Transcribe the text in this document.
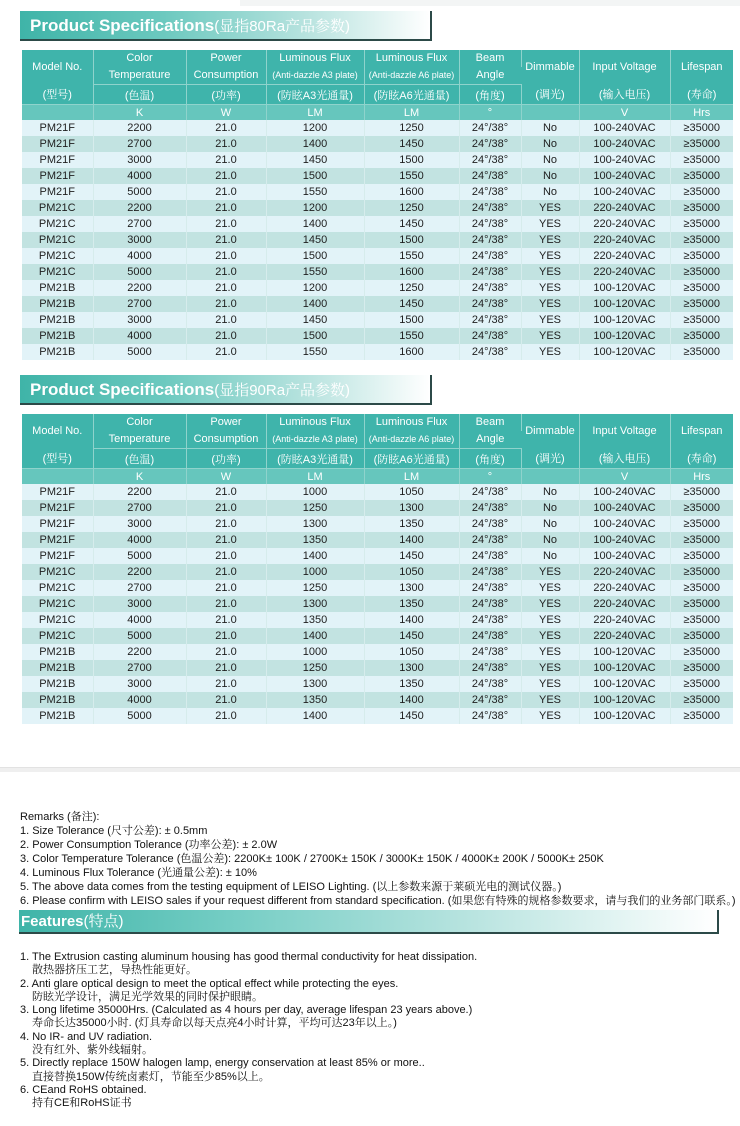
Product Specifications(显指80Ra产品参数)
Model No.	Color	Power	Luminous Flux	Luminous Flux	Beam	Dimmable	Input Voltage	Lifespan
	Temperature	Consumption	(Anti-dazzle A3 plate)	(Anti-dazzle A6 plate)	Angle			
(型号)	(色温)	(功率)	(防眩A3光通量)	(防眩A6光通量)	(角度)	(调光)	(输入电压)	(寿命)
	K	W	LM	LM	°		V	Hrs
PM21F	2200	21.0	1200	1250	24°/38°	No	100-240VAC	≥35000
PM21F	2700	21.0	1400	1450	24°/38°	No	100-240VAC	≥35000
PM21F	3000	21.0	1450	1500	24°/38°	No	100-240VAC	≥35000
PM21F	4000	21.0	1500	1550	24°/38°	No	100-240VAC	≥35000
PM21F	5000	21.0	1550	1600	24°/38°	No	100-240VAC	≥35000
PM21C	2200	21.0	1200	1250	24°/38°	YES	220-240VAC	≥35000
PM21C	2700	21.0	1400	1450	24°/38°	YES	220-240VAC	≥35000
PM21C	3000	21.0	1450	1500	24°/38°	YES	220-240VAC	≥35000
PM21C	4000	21.0	1500	1550	24°/38°	YES	220-240VAC	≥35000
PM21C	5000	21.0	1550	1600	24°/38°	YES	220-240VAC	≥35000
PM21B	2200	21.0	1200	1250	24°/38°	YES	100-120VAC	≥35000
PM21B	2700	21.0	1400	1450	24°/38°	YES	100-120VAC	≥35000
PM21B	3000	21.0	1450	1500	24°/38°	YES	100-120VAC	≥35000
PM21B	4000	21.0	1500	1550	24°/38°	YES	100-120VAC	≥35000
PM21B	5000	21.0	1550	1600	24°/38°	YES	100-120VAC	≥35000
Product Specifications(显指90Ra产品参数)
Model No.	Color	Power	Luminous Flux	Luminous Flux	Beam	Dimmable	Input Voltage	Lifespan
	Temperature	Consumption	(Anti-dazzle A3 plate)	(Anti-dazzle A6 plate)	Angle			
(型号)	(色温)	(功率)	(防眩A3光通量)	(防眩A6光通量)	(角度)	(调光)	(输入电压)	(寿命)
	K	W	LM	LM	°		V	Hrs
PM21F	2200	21.0	1000	1050	24°/38°	No	100-240VAC	≥35000
PM21F	2700	21.0	1250	1300	24°/38°	No	100-240VAC	≥35000
PM21F	3000	21.0	1300	1350	24°/38°	No	100-240VAC	≥35000
PM21F	4000	21.0	1350	1400	24°/38°	No	100-240VAC	≥35000
PM21F	5000	21.0	1400	1450	24°/38°	No	100-240VAC	≥35000
PM21C	2200	21.0	1000	1050	24°/38°	YES	220-240VAC	≥35000
PM21C	2700	21.0	1250	1300	24°/38°	YES	220-240VAC	≥35000
PM21C	3000	21.0	1300	1350	24°/38°	YES	220-240VAC	≥35000
PM21C	4000	21.0	1350	1400	24°/38°	YES	220-240VAC	≥35000
PM21C	5000	21.0	1400	1450	24°/38°	YES	220-240VAC	≥35000
PM21B	2200	21.0	1000	1050	24°/38°	YES	100-120VAC	≥35000
PM21B	2700	21.0	1250	1300	24°/38°	YES	100-120VAC	≥35000
PM21B	3000	21.0	1300	1350	24°/38°	YES	100-120VAC	≥35000
PM21B	4000	21.0	1350	1400	24°/38°	YES	100-120VAC	≥35000
PM21B	5000	21.0	1400	1450	24°/38°	YES	100-120VAC	≥35000
Remarks (备注):
1. Size Tolerance (尺寸公差): ± 0.5mm
2. Power Consumption Tolerance (功率公差): ± 2.0W
3. Color Temperature Tolerance (色温公差): 2200K± 100K / 2700K± 150K / 3000K± 150K / 4000K± 200K / 5000K± 250K
4. Luminous Flux Tolerance (光通量公差): ± 10%
5. The above data comes from the testing equipment of LEISO Lighting. (以上参数来源于莱硕光电的测试仪器。)
6. Please confirm with LEISO sales if your request different from standard specification. (如果您有特殊的规格参数要求，请与我们的业务部门联系。)
Features(特点)
1. The Extrusion casting aluminum housing has good thermal conductivity for heat dissipation.
散热器挤压工艺，导热性能更好。
2. Anti glare optical design to meet the optical effect while protecting the eyes.
防眩光学设计，满足光学效果的同时保护眼睛。
3. Long lifetime 35000Hrs. (Calculated as 4 hours per day, average lifespan 23 years above.)
寿命长达35000小时. (灯具寿命以每天点亮4小时计算，平均可达23年以上。)
4. No IR- and UV radiation.
没有红外、紫外线辐射。
5. Directly replace 150W halogen lamp, energy conservation at least 85% or more..
直接替换150W传统卤素灯，节能至少85%以上。
6. CEand RoHS obtained.
持有CE和RoHS证书
